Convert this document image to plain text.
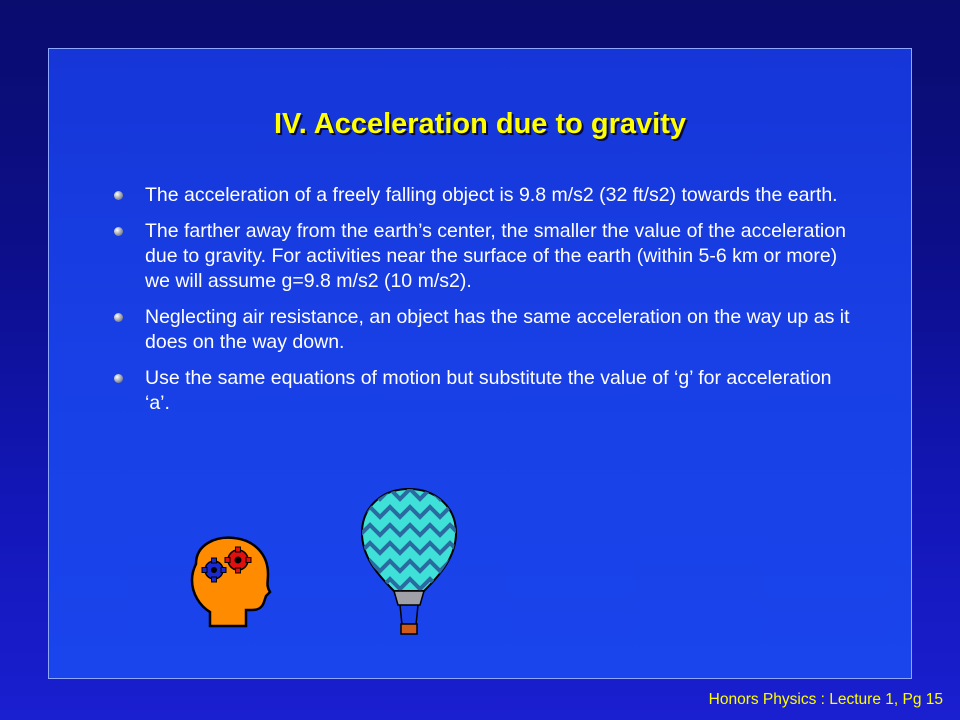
IV. Acceleration due to gravity
The acceleration of a freely falling object is 9.8 m/s2 (32 ft/s2) towards the earth.
The farther away from the earth’s center, the smaller the value of the acceleration due to gravity. For activities near the surface of the earth (within 5-6 km or more) we will assume g=9.8 m/s2 (10 m/s2).
Neglecting air resistance, an object has the same acceleration on the way up as it does on the way down.
Use the same equations of motion but substitute the value of ‘g’ for acceleration ‘a’.
Honors Physics : Lecture 1, Pg 15
